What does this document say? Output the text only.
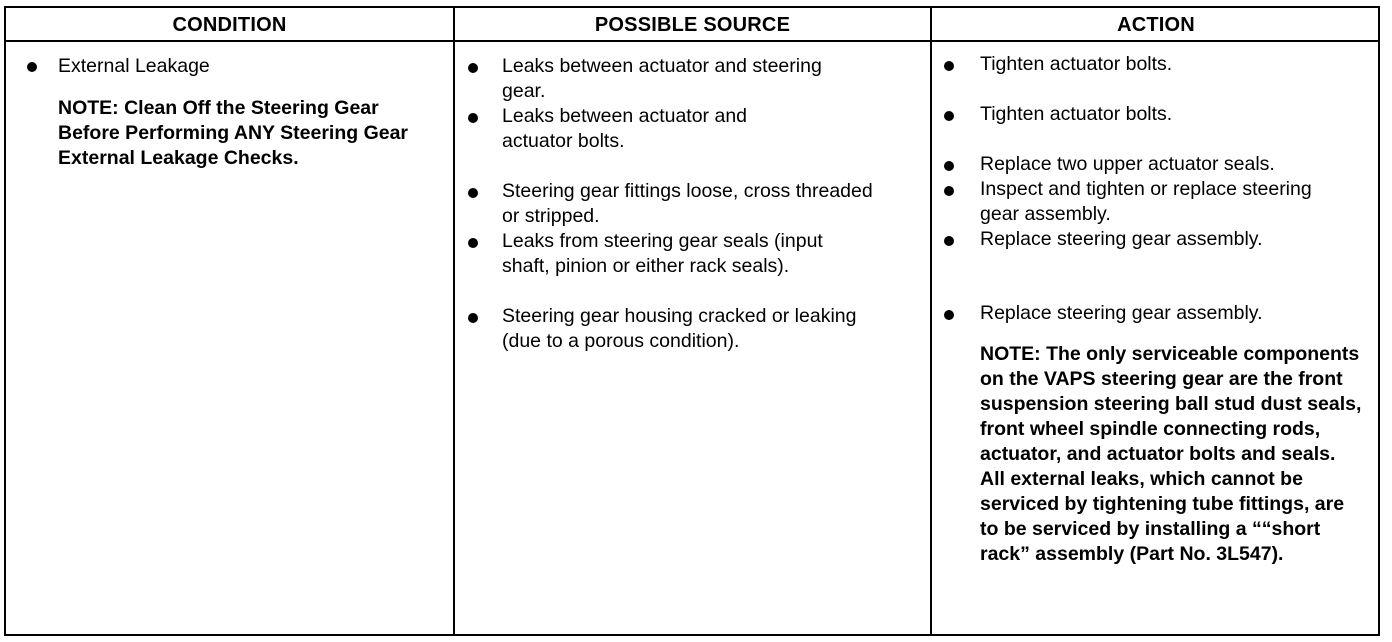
CONDITION	POSSIBLE SOURCE	ACTION
External Leakage
NOTE: Clean Off the Steering Gear Before Performing ANY Steering Gear External Leakage Checks.
Leaks between actuator and steering gear.
Leaks between actuator and actuator bolts.
Steering gear fittings loose, cross threaded or stripped.
Leaks from steering gear seals (input shaft, pinion or either rack seals).
Steering gear housing cracked or leaking (due to a porous condition).
Tighten actuator bolts.
Tighten actuator bolts.
Replace two upper actuator seals.
Inspect and tighten or replace steering gear assembly.
Replace steering gear assembly.
Replace steering gear assembly.
NOTE: The only serviceable components on the VAPS steering gear are the front suspension steering ball stud dust seals, front wheel spindle connecting rods, actuator, and actuator bolts and seals. All external leaks, which cannot be serviced by tightening tube fittings, are to be serviced by installing a ““short rack” assembly (Part No. 3L547).
